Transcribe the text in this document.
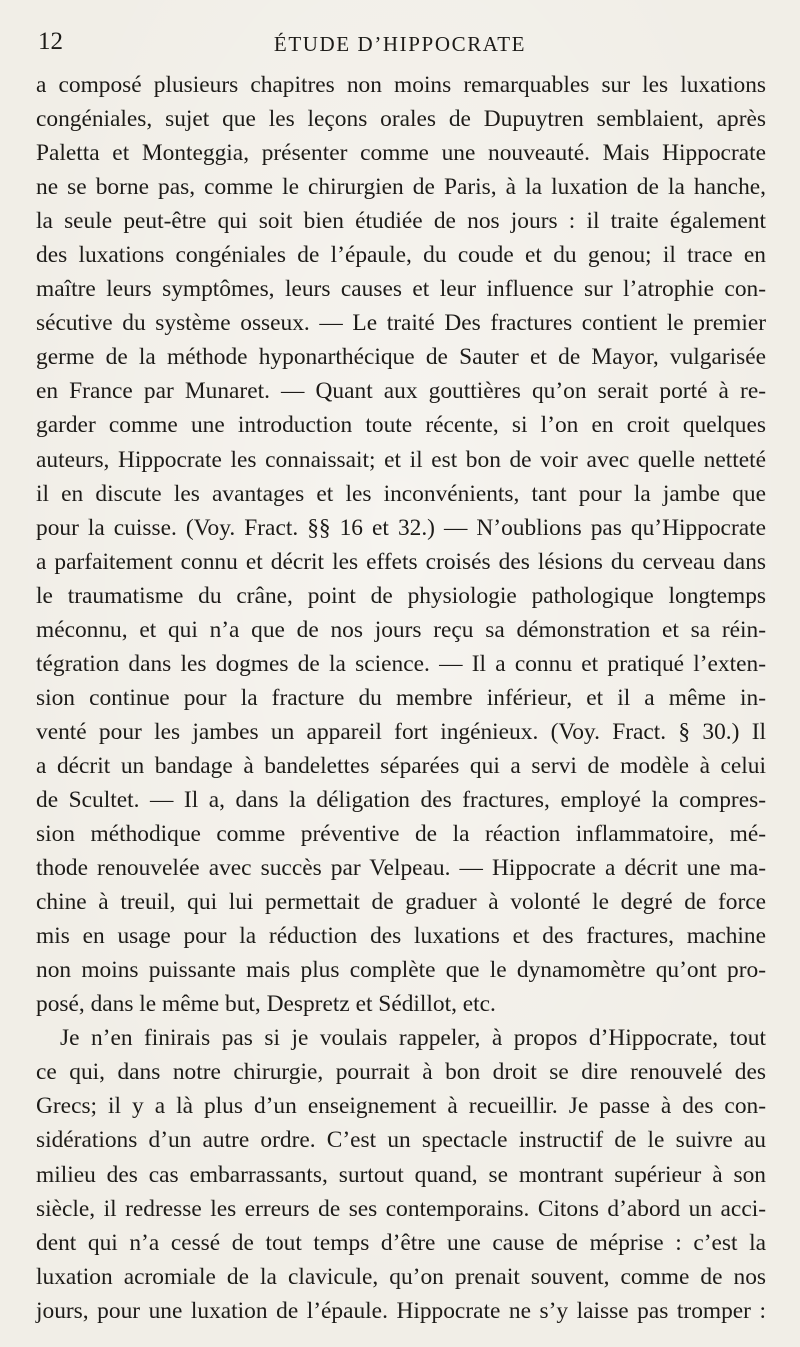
12	ÉTUDE D’HIPPOCRATE
a composé plusieurs chapitres non moins remarquables sur les luxations
congéniales, sujet que les leçons orales de Dupuytren semblaient, après
Paletta et Monteggia, présenter comme une nouveauté. Mais Hippocrate
ne se borne pas, comme le chirurgien de Paris, à la luxation de la hanche,
la seule peut-être qui soit bien étudiée de nos jours : il traite également
des luxations congéniales de l’épaule, du coude et du genou; il trace en
maître leurs symptômes, leurs causes et leur influence sur l’atrophie con-
sécutive du système osseux. — Le traité Des fractures contient le premier
germe de la méthode hyponarthécique de Sauter et de Mayor, vulgarisée
en France par Munaret. — Quant aux gouttières qu’on serait porté à re-
garder comme une introduction toute récente, si l’on en croit quelques
auteurs, Hippocrate les connaissait; et il est bon de voir avec quelle netteté
il en discute les avantages et les inconvénients, tant pour la jambe que
pour la cuisse. (Voy. Fract. §§ 16 et 32.) — N’oublions pas qu’Hippocrate
a parfaitement connu et décrit les effets croisés des lésions du cerveau dans
le traumatisme du crâne, point de physiologie pathologique longtemps
méconnu, et qui n’a que de nos jours reçu sa démonstration et sa réin-
tégration dans les dogmes de la science. — Il a connu et pratiqué l’exten-
sion continue pour la fracture du membre inférieur, et il a même in-
venté pour les jambes un appareil fort ingénieux. (Voy. Fract. § 30.) Il
a décrit un bandage à bandelettes séparées qui a servi de modèle à celui
de Scultet. — Il a, dans la déligation des fractures, employé la compres-
sion méthodique comme préventive de la réaction inflammatoire, mé-
thode renouvelée avec succès par Velpeau. — Hippocrate a décrit une ma-
chine à treuil, qui lui permettait de graduer à volonté le degré de force
mis en usage pour la réduction des luxations et des fractures, machine
non moins puissante mais plus complète que le dynamomètre qu’ont pro-
posé, dans le même but, Despretz et Sédillot, etc.
Je n’en finirais pas si je voulais rappeler, à propos d’Hippocrate, tout
ce qui, dans notre chirurgie, pourrait à bon droit se dire renouvelé des
Grecs; il y a là plus d’un enseignement à recueillir. Je passe à des con-
sidérations d’un autre ordre. C’est un spectacle instructif de le suivre au
milieu des cas embarrassants, surtout quand, se montrant supérieur à son
siècle, il redresse les erreurs de ses contemporains. Citons d’abord un acci-
dent qui n’a cessé de tout temps d’être une cause de méprise : c’est la
luxation acromiale de la clavicule, qu’on prenait souvent, comme de nos
jours, pour une luxation de l’épaule. Hippocrate ne s’y laisse pas tromper :
